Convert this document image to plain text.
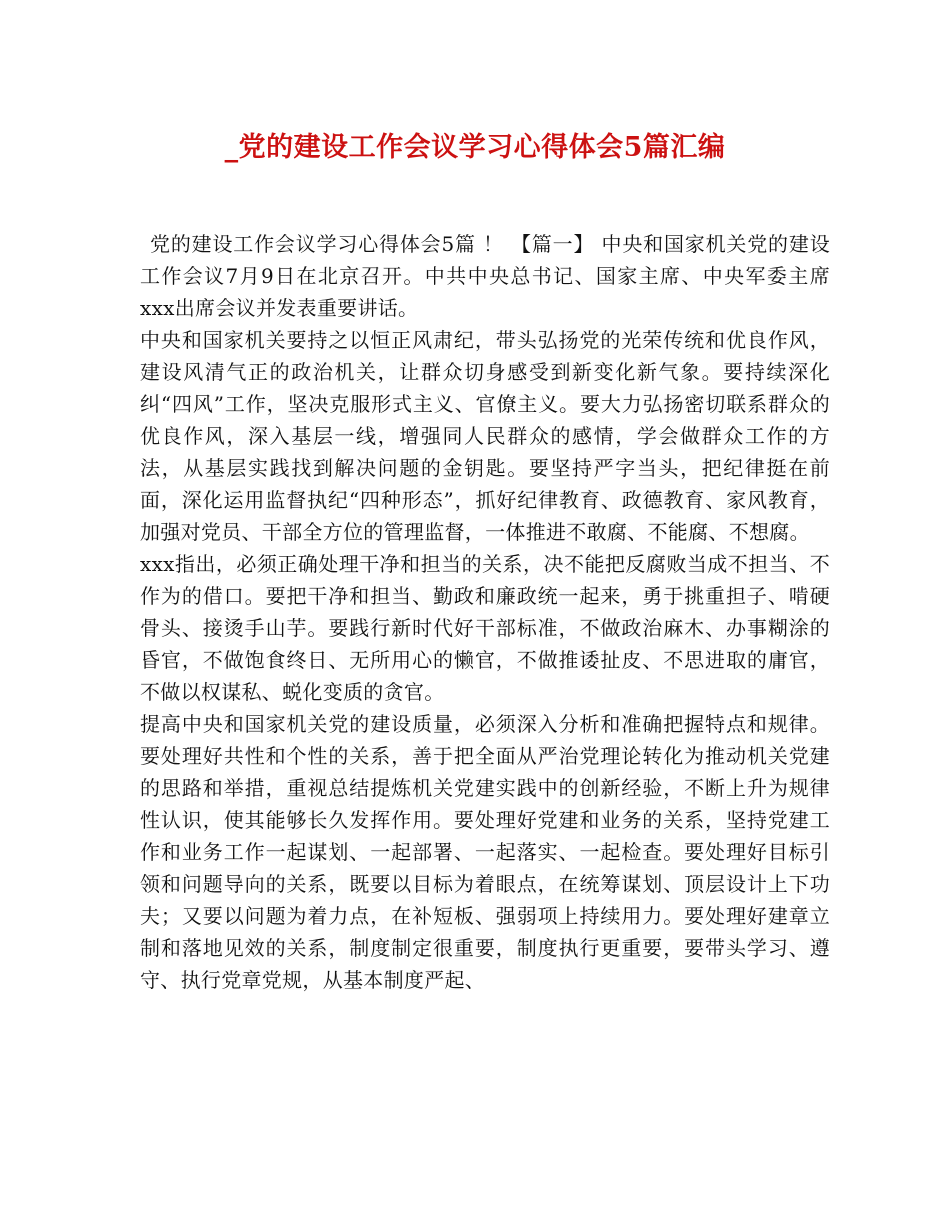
_党的建设工作会议学习心得体会5篇汇编

党的建设工作会议学习心得体会5篇 ！ 【篇一】 中央和国家机关党的建设工作会议7月9日在北京召开。中共中央总书记、国家主席、中央军委主席xxx出席会议并发表重要讲话。

中央和国家机关要持之以恒正风肃纪，带头弘扬党的光荣传统和优良作风，建设风清气正的政治机关，让群众切身感受到新变化新气象。要持续深化纠“四风”工作，坚决克服形式主义、官僚主义。要大力弘扬密切联系群众的优良作风，深入基层一线，增强同人民群众的感情，学会做群众工作的方法，从基层实践找到解决问题的金钥匙。要坚持严字当头，把纪律挺在前面，深化运用监督执纪“四种形态”，抓好纪律教育、政德教育、家风教育，加强对党员、干部全方位的管理监督，一体推进不敢腐、不能腐、不想腐。

xxx指出，必须正确处理干净和担当的关系，决不能把反腐败当成不担当、不作为的借口。要把干净和担当、勤政和廉政统一起来，勇于挑重担子、啃硬骨头、接烫手山芋。要践行新时代好干部标准，不做政治麻木、办事糊涂的昏官，不做饱食终日、无所用心的懒官，不做推诿扯皮、不思进取的庸官，不做以权谋私、蜕化变质的贪官。

提高中央和国家机关党的建设质量，必须深入分析和准确把握特点和规律。要处理好共性和个性的关系，善于把全面从严治党理论转化为推动机关党建的思路和举措，重视总结提炼机关党建实践中的创新经验，不断上升为规律性认识，使其能够长久发挥作用。要处理好党建和业务的关系，坚持党建工作和业务工作一起谋划、一起部署、一起落实、一起检查。要处理好目标引领和问题导向的关系，既要以目标为着眼点，在统筹谋划、顶层设计上下功夫；又要以问题为着力点，在补短板、强弱项上持续用力。要处理好建章立制和落地见效的关系，制度制定很重要，制度执行更重要，要带头学习、遵守、执行党章党规，从基本制度严起、
